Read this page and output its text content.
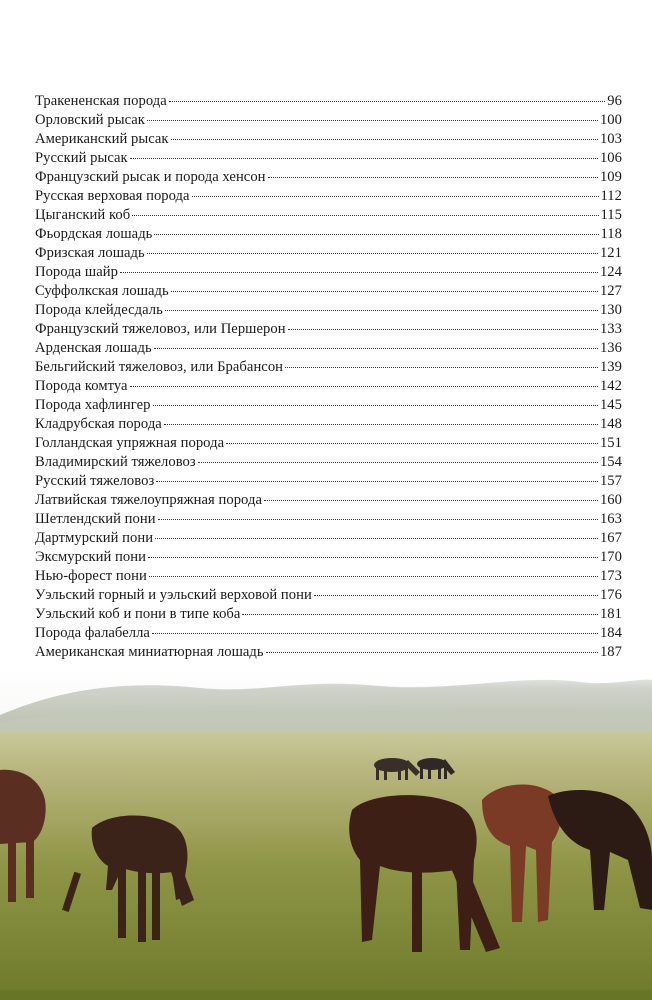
Тракененская порода	96
Орловский рысак	100
Американский рысак	103
Русский рысак	106
Французский рысак и порода хенсон	109
Русская верховая порода	112
Цыганский коб	115
Фьордская лошадь	118
Фризская лошадь	121
Порода шайр	124
Суффолкская лошадь	127
Порода клейдесдаль	130
Французский тяжеловоз, или Першерон	133
Арденская лошадь	136
Бельгийский тяжеловоз, или Брабансон	139
Порода комтуа	142
Порода хафлингер	145
Кладрубская порода	148
Голландская упряжная порода	151
Владимирский тяжеловоз	154
Русский тяжеловоз	157
Латвийская тяжелоупряжная порода	160
Шетлендский пони	163
Дартмурский пони	167
Эксмурский пони	170
Нью-форест пони	173
Уэльский горный и уэльский верховой пони	176
Уэльский коб и пони в типе коба	181
Порода фалабелла	184
Американская миниатюрная лошадь	187
